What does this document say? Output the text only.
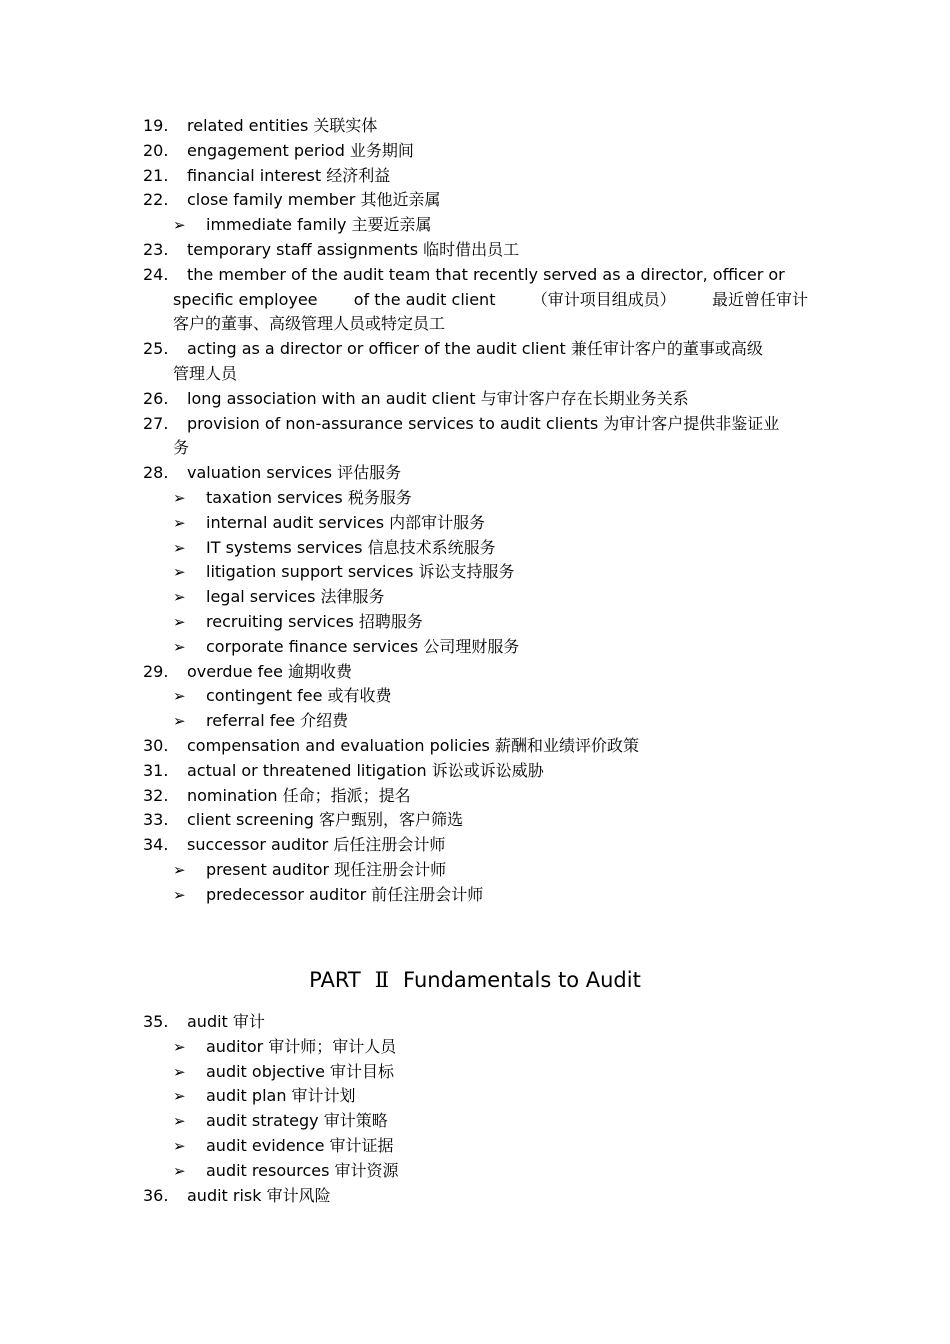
19. related entities 关联实体
20. engagement period 业务期间
21. financial interest 经济利益
22. close family member 其他近亲属
➢ immediate family 主要近亲属
23. temporary staff assignments 临时借出员工
24. the member of the audit team that recently served as a director, officer or
specific employee of the audit client （审计项目组成员） 最近曾任审计
客户的董事、高级管理人员或特定员工
25. acting as a director or officer of the audit client 兼任审计客户的董事或高级
管理人员
26. long association with an audit client 与审计客户存在长期业务关系
27. provision of non-assurance services to audit clients 为审计客户提供非鉴证业
务
28. valuation services 评估服务
➢ taxation services 税务服务
➢ internal audit services 内部审计服务
➢ IT systems services 信息技术系统服务
➢ litigation support services 诉讼支持服务
➢ legal services 法律服务
➢ recruiting services 招聘服务
➢ corporate finance services 公司理财服务
29. overdue fee 逾期收费
➢ contingent fee 或有收费
➢ referral fee 介绍费
30. compensation and evaluation policies 薪酬和业绩评价政策
31. actual or threatened litigation 诉讼或诉讼威胁
32. nomination 任命；指派；提名
33. client screening 客户甄别，客户筛选
34. successor auditor 后任注册会计师
➢ present auditor 现任注册会计师
➢ predecessor auditor 前任注册会计师
PART Ⅱ Fundamentals to Audit
35. audit 审计
➢ auditor 审计师；审计人员
➢ audit objective 审计目标
➢ audit plan 审计计划
➢ audit strategy 审计策略
➢ audit evidence 审计证据
➢ audit resources 审计资源
36. audit risk 审计风险
